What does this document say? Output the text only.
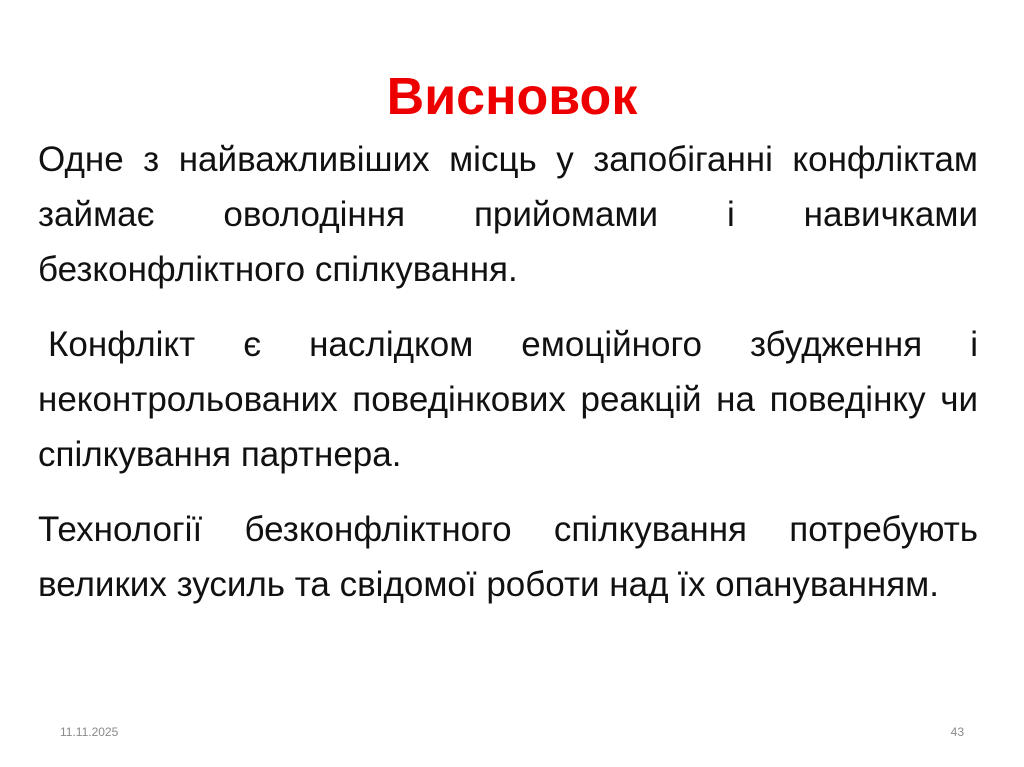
Висновок

Одне з найважливіших місць у запобіганні конфліктам займає оволодіння прийомами і навичками безконфліктного спілкування.

Конфлікт є наслідком емоційного збудження і неконтрольованих поведінкових реакцій на поведінку чи спілкування партнера.

Технології безконфліктного спілкування потребують великих зусиль та свідомої роботи над їх опануванням.

11.11.2025	43
